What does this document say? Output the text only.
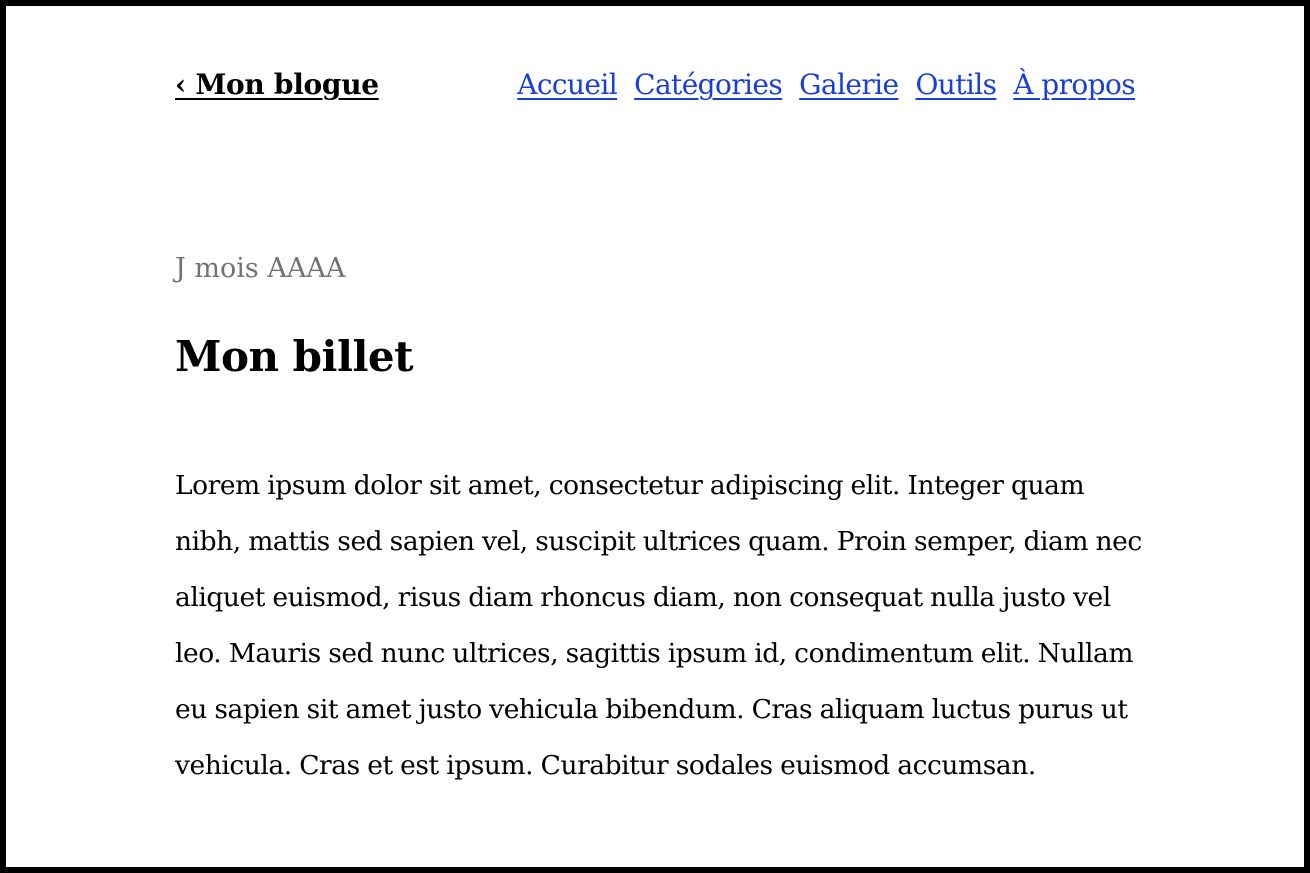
‹ Mon blogue	Accueil Catégories Galerie Outils À propos
J mois AAAA
Mon billet

Lorem ipsum dolor sit amet, consectetur adipiscing elit. Integer quam nibh, mattis sed sapien vel, suscipit ultrices quam. Proin semper, diam nec aliquet euismod, risus diam rhoncus diam, non consequat nulla justo vel leo. Mauris sed nunc ultrices, sagittis ipsum id, condimentum elit. Nullam eu sapien sit amet justo vehicula bibendum. Cras aliquam luctus purus ut vehicula. Cras et est ipsum. Curabitur sodales euismod accumsan.
